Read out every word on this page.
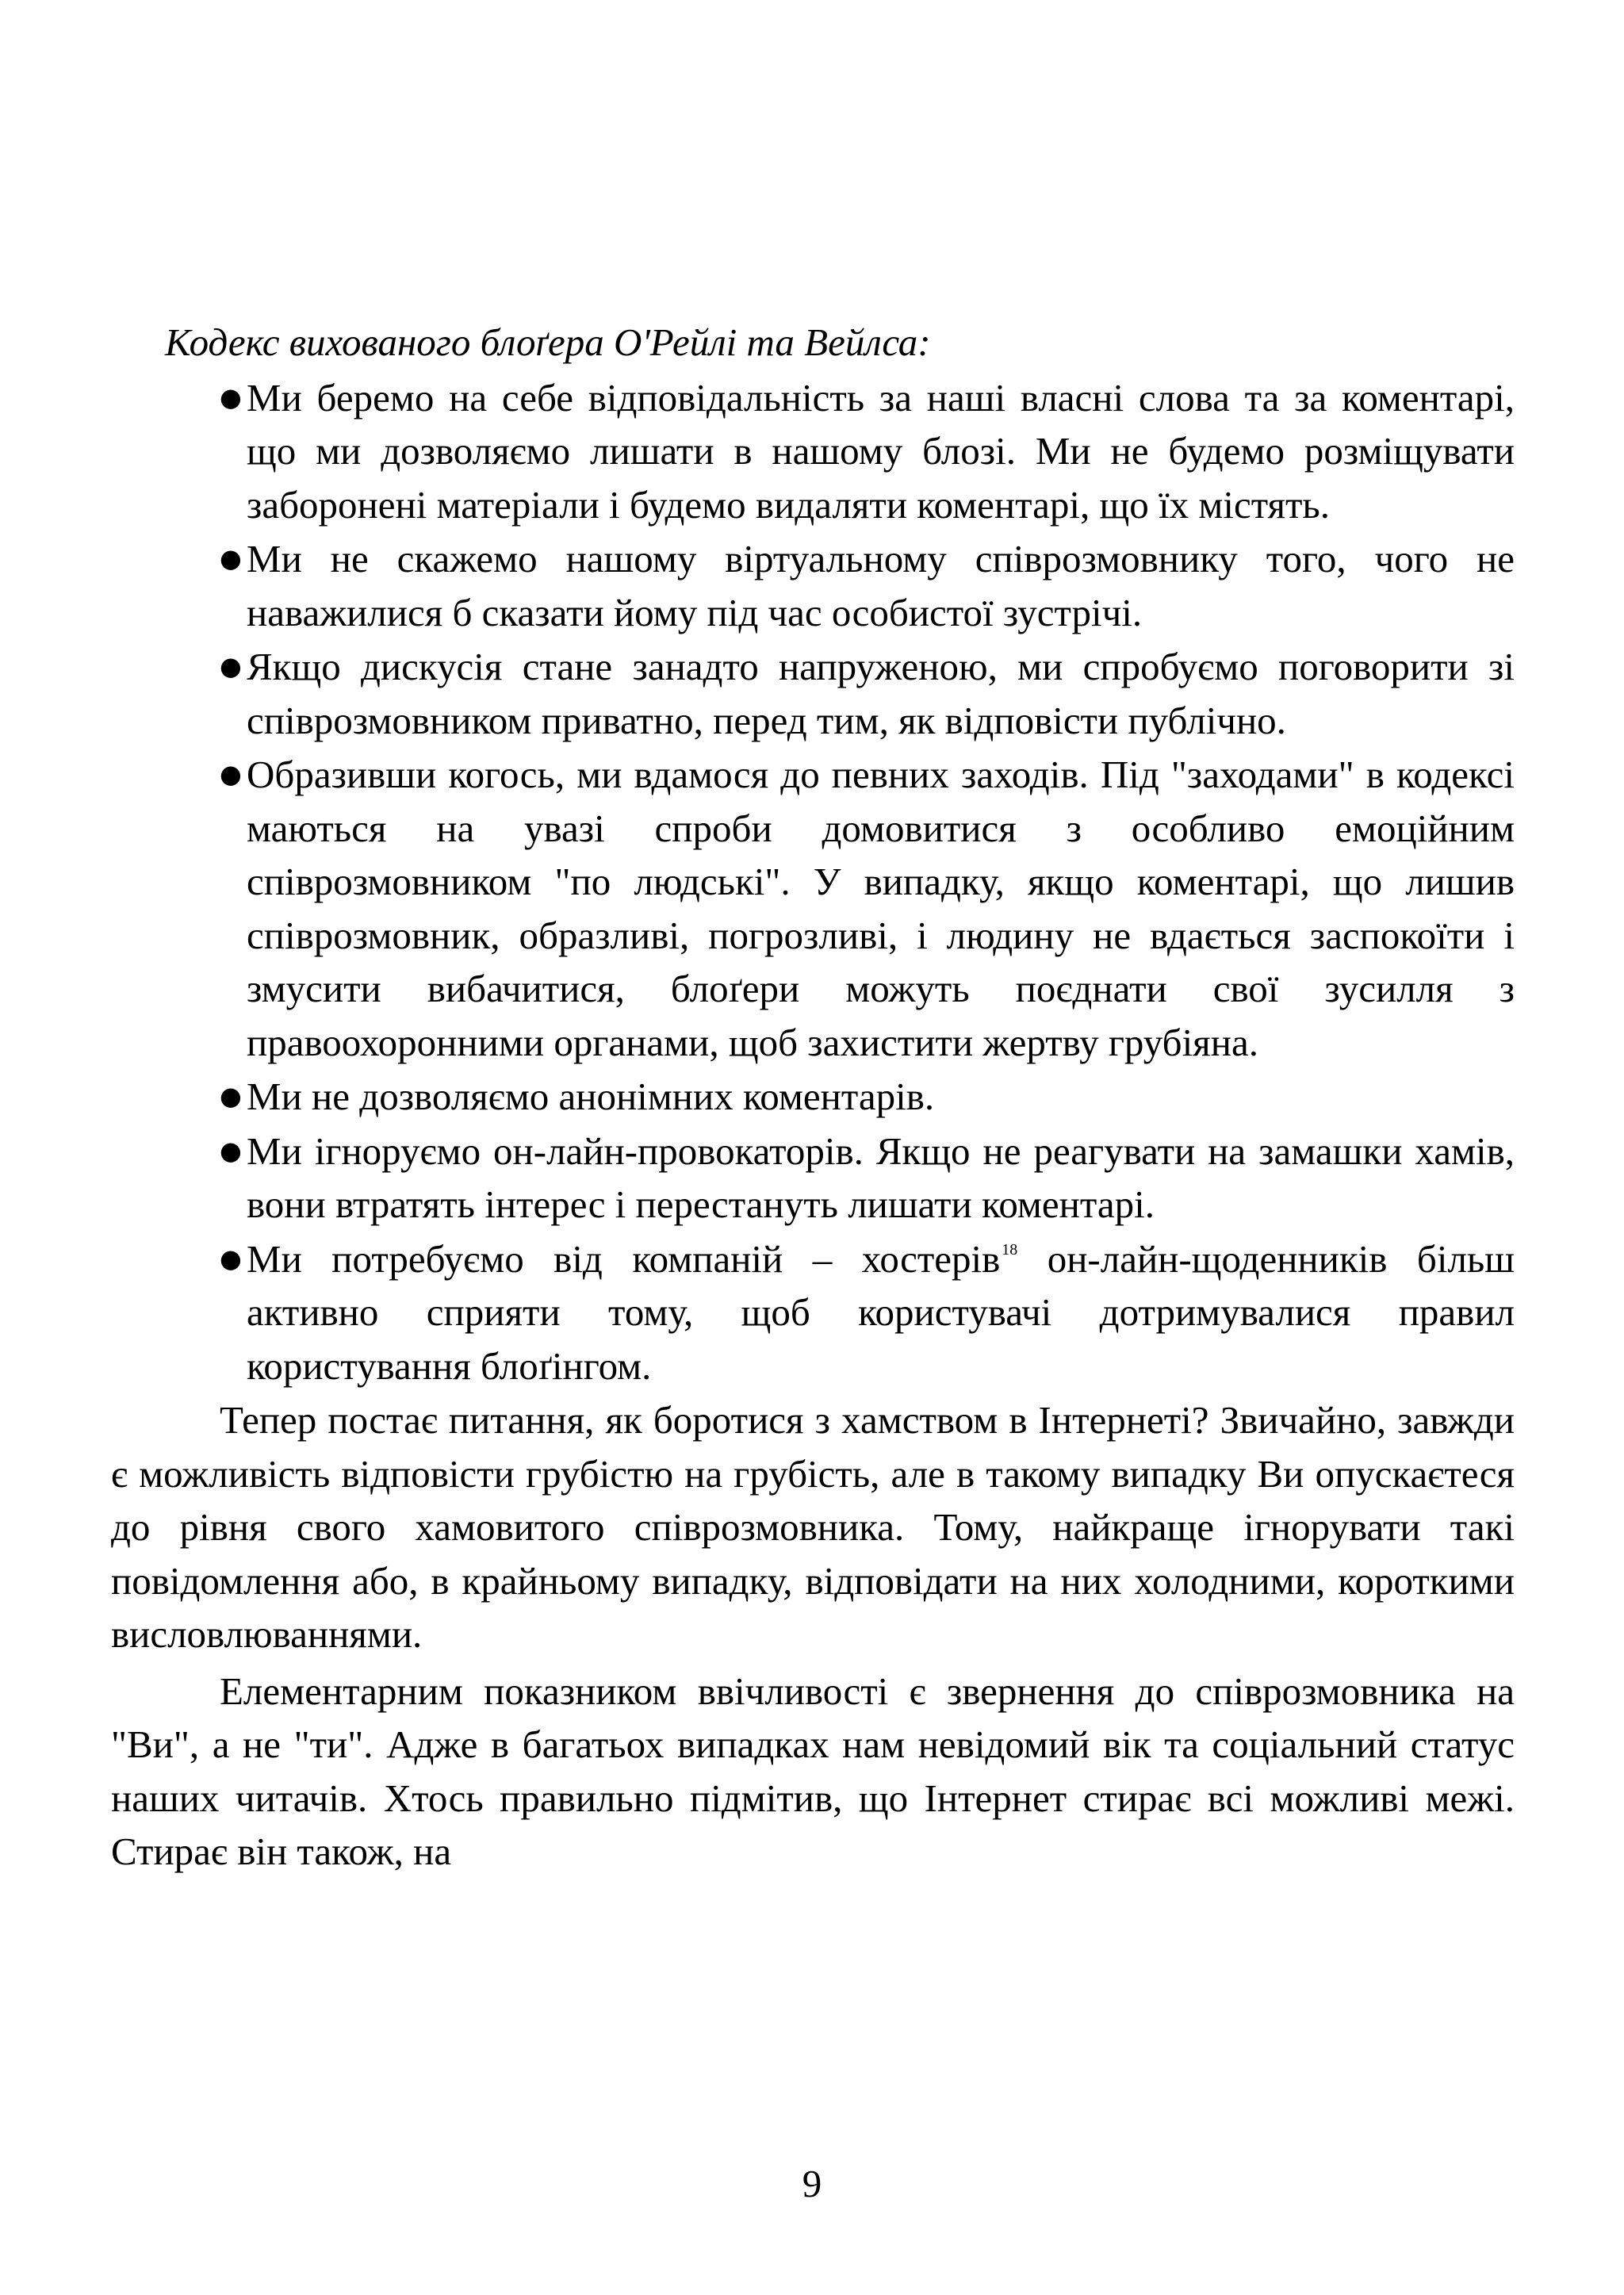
Кодекс вихованого блоґера О'Рейлі та Вейлса:

● Ми беремо на себе відповідальність за наші власні слова та за коментарі, що ми дозволяємо лишати в нашому блозі. Ми не будемо розміщувати заборонені матеріали і будемо видаляти коментарі, що їх містять.
● Ми не скажемо нашому віртуальному співрозмовнику того, чого не наважилися б сказати йому під час особистої зустрічі.
● Якщо дискусія стане занадто напруженою, ми спробуємо поговорити зі співрозмовником приватно, перед тим, як відповісти публічно.
● Образивши когось, ми вдамося до певних заходів. Під "заходами" в кодексі маються на увазі спроби домовитися з особливо емоційним співрозмовником "по людські". У випадку, якщо коментарі, що лишив співрозмовник, образливі, погрозливі, і людину не вдається заспокоїти і змусити вибачитися, блоґери можуть поєднати свої зусилля з правоохоронними органами, щоб захистити жертву грубіяна.
● Ми не дозволяємо анонімних коментарів.
● Ми ігноруємо он-лайн-провокаторів. Якщо не реагувати на замашки хамів, вони втратять інтерес і перестануть лишати коментарі.
● Ми потребуємо від компаній – хостерів $^{18}$ он-лайн-щоденників більш активно сприяти тому, щоб користувачі дотримувалися правил користування блоґінгом.

Тепер постає питання, як боротися з хамством в Інтернеті? Звичайно, завжди є можливість відповісти грубістю на грубість, але в такому випадку Ви опускаєтеся до рівня свого хамовитого співрозмовника. Тому, найкраще ігнорувати такі повідомлення або, в крайньому випадку, відповідати на них холодними, короткими висловлюваннями.

Елементарним показником ввічливості є звернення до співрозмовника на "Ви", а не "ти". Адже в багатьох випадках нам невідомий вік та соціальний статус наших читачів. Хтось правильно підмітив, що Інтернет стирає всі можливі межі. Стирає він також, на

9
